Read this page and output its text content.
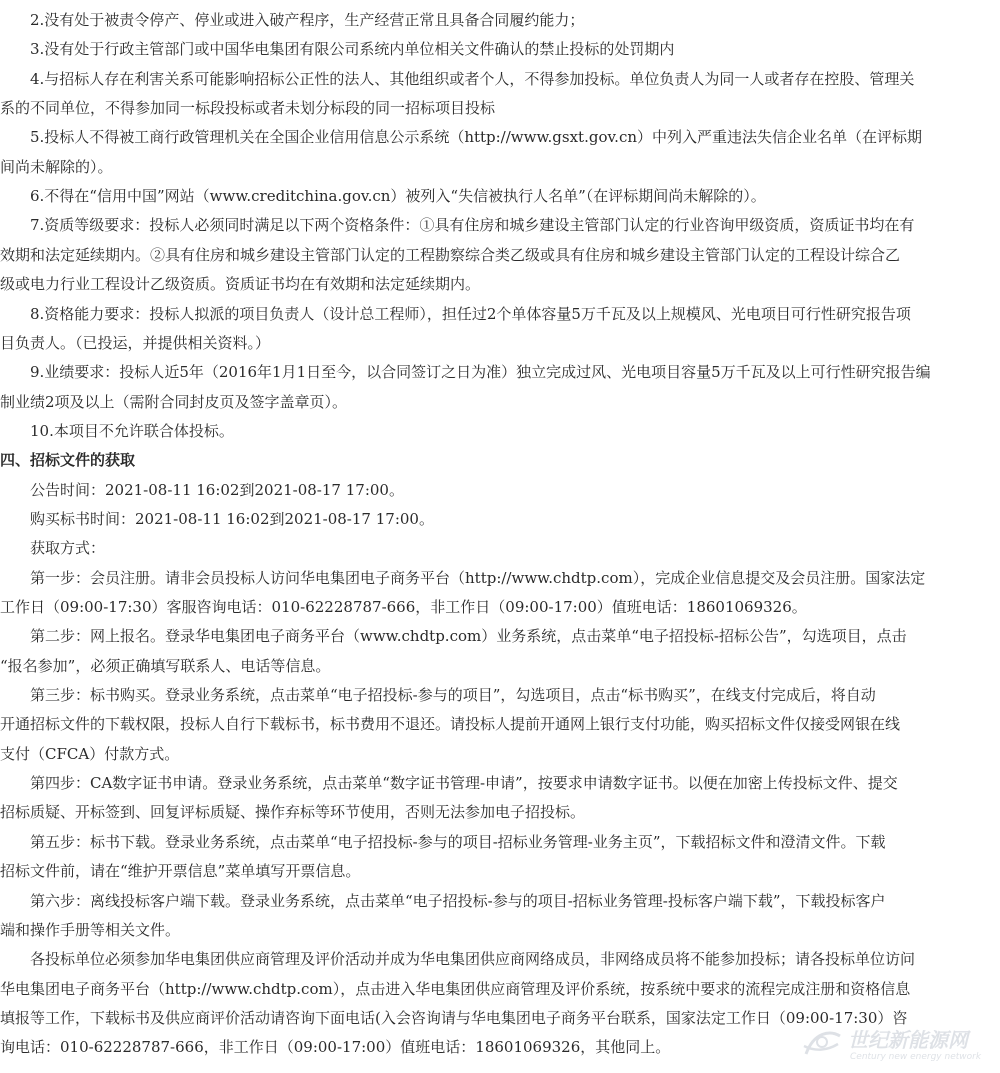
　　2.没有处于被责令停产、停业或进入破产程序，生产经营正常且具备合同履约能力；
　　3.没有处于行政主管部门或中国华电集团有限公司系统内单位相关文件确认的禁止投标的处罚期内
　　4.与招标人存在利害关系可能影响招标公正性的法人、其他组织或者个人，不得参加投标。单位负责人为同一人或者存在控股、管理关
系的不同单位，不得参加同一标段投标或者未划分标段的同一招标项目投标
　　5.投标人不得被工商行政管理机关在全国企业信用信息公示系统（http://www.gsxt.gov.cn）中列入严重违法失信企业名单（在评标期
间尚未解除的）。
　　6.不得在“信用中国”网站（www.creditchina.gov.cn）被列入“失信被执行人名单”（在评标期间尚未解除的）。
　　7.资质等级要求：投标人必须同时满足以下两个资格条件：①具有住房和城乡建设主管部门认定的行业咨询甲级资质，资质证书均在有
效期和法定延续期内。②具有住房和城乡建设主管部门认定的工程勘察综合类乙级或具有住房和城乡建设主管部门认定的工程设计综合乙
级或电力行业工程设计乙级资质。资质证书均在有效期和法定延续期内。
　　8.资格能力要求：投标人拟派的项目负责人（设计总工程师），担任过2个单体容量5万千瓦及以上规模风、光电项目可行性研究报告项
目负责人。（已投运，并提供相关资料。）
　　9.业绩要求：投标人近5年（2016年1月1日至今，以合同签订之日为准）独立完成过风、光电项目容量5万千瓦及以上可行性研究报告编
制业绩2项及以上（需附合同封皮页及签字盖章页）。
　　10.本项目不允许联合体投标。
四、招标文件的获取
　　公告时间：2021-08-11 16:02到2021-08-17 17:00。
　　购买标书时间：2021-08-11 16:02到2021-08-17 17:00。
　　获取方式：
　　第一步：会员注册。请非会员投标人访问华电集团电子商务平台（http://www.chdtp.com），完成企业信息提交及会员注册。国家法定
工作日（09:00-17:30）客服咨询电话：010-62228787-666，非工作日（09:00-17:00）值班电话：18601069326。
　　第二步：网上报名。登录华电集团电子商务平台（www.chdtp.com）业务系统，点击菜单“电子招投标-招标公告”，勾选项目，点击
“报名参加”，必须正确填写联系人、电话等信息。
　　第三步：标书购买。登录业务系统，点击菜单“电子招投标-参与的项目”，勾选项目，点击“标书购买”，在线支付完成后，将自动
开通招标文件的下载权限，投标人自行下载标书，标书费用不退还。请投标人提前开通网上银行支付功能，购买招标文件仅接受网银在线
支付（CFCA）付款方式。
　　第四步：CA数字证书申请。登录业务系统，点击菜单“数字证书管理-申请”，按要求申请数字证书。以便在加密上传投标文件、提交
招标质疑、开标签到、回复评标质疑、操作弃标等环节使用，否则无法参加电子招投标。
　　第五步：标书下载。登录业务系统，点击菜单“电子招投标-参与的项目-招标业务管理-业务主页”，下载招标文件和澄清文件。下载
招标文件前，请在“维护开票信息”菜单填写开票信息。
　　第六步：离线投标客户端下载。登录业务系统，点击菜单“电子招投标-参与的项目-招标业务管理-投标客户端下载”，下载投标客户
端和操作手册等相关文件。
　　各投标单位必须参加华电集团供应商管理及评价活动并成为华电集团供应商网络成员，非网络成员将不能参加投标；请各投标单位访问
华电集团电子商务平台（http://www.chdtp.com），点击进入华电集团供应商管理及评价系统，按系统中要求的流程完成注册和资格信息
填报等工作，下载标书及供应商评价活动请咨询下面电话(入会咨询请与华电集团电子商务平台联系，国家法定工作日（09:00-17:30）咨
询电话：010-62228787-666，非工作日（09:00-17:00）值班电话：18601069326，其他同上。	世纪新能源网
Century new energy network
